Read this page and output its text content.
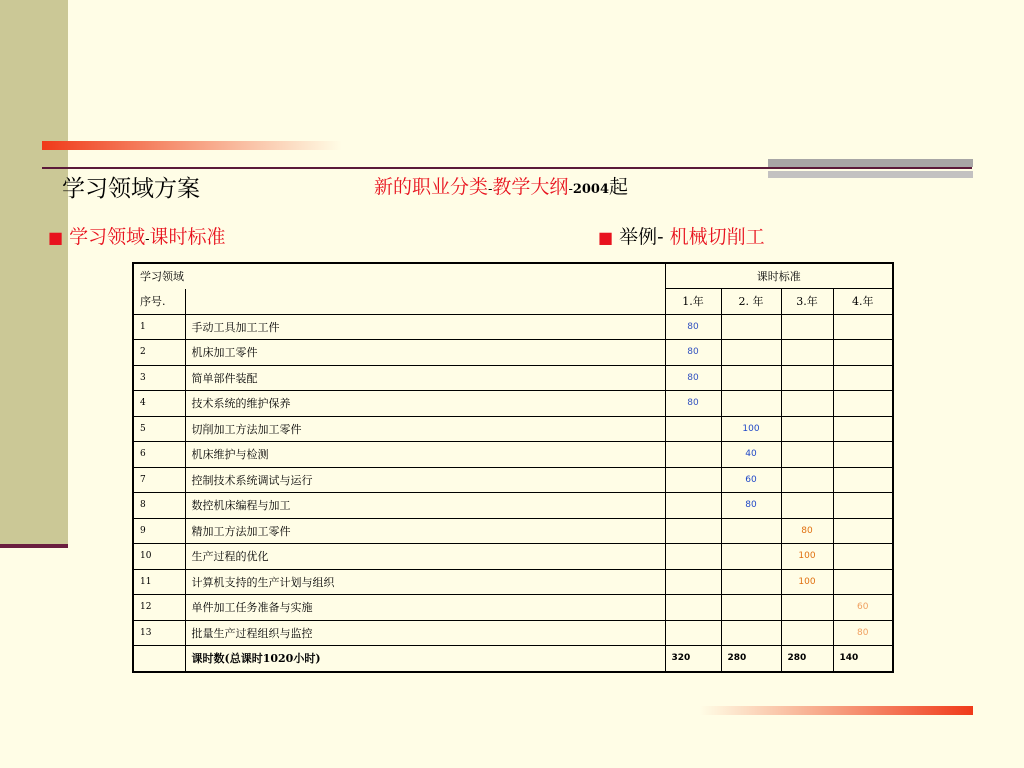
学习领域方案	新的职业分类-教学大纲-2004起
■ 学习领域-课时标准	■ 举例- 机械切削工
学习领域		课时标准			
序号.		1.年	2. 年	3.年	4.年
1	手动工具加工工件	80			
2	机床加工零件	80			
3	简单部件装配	80			
4	技术系统的维护保养	80			
5	切削加工方法加工零件		100		
6	机床维护与检测		40		
7	控制技术系统调试与运行		60		
8	数控机床编程与加工		80		
9	精加工方法加工零件			80	
10	生产过程的优化			100	
11	计算机支持的生产计划与组织			100	
12	单件加工任务准备与实施				60
13	批量生产过程组织与监控				80
	课时数(总课时1020小时)	320	280	280	140
